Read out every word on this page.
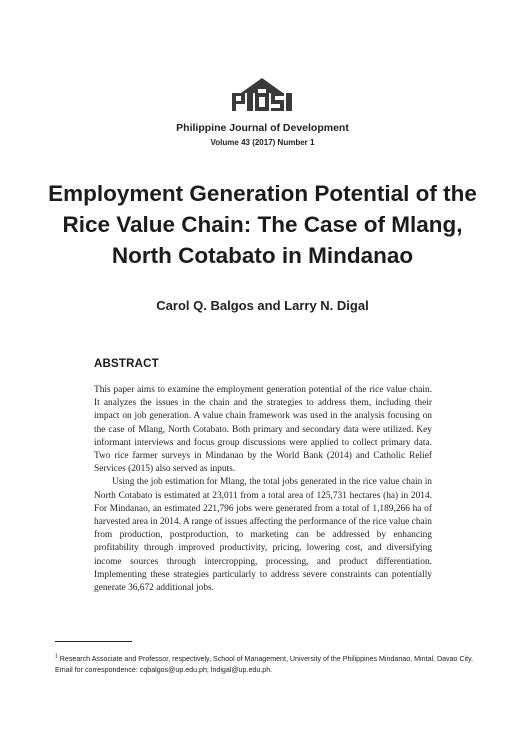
Philippine Journal of Development
Volume 43 (2017) Number 1
Employment Generation Potential of the Rice Value Chain: The Case of Mlang, North Cotabato in Mindanao
Carol Q. Balgos and Larry N. Digal
ABSTRACT

This paper aims to examine the employment generation potential of the rice value chain. It analyzes the issues in the chain and the strategies to address them, including their impact on job generation. A value chain framework was used in the analysis focusing on the case of Mlang, North Cotabato. Both primary and secondary data were utilized. Key informant interviews and focus group discussions were applied to collect primary data. Two rice farmer surveys in Mindanao by the World Bank (2014) and Catholic Relief Services (2015) also served as inputs.

Using the job estimation for Mlang, the total jobs generated in the rice value chain in North Cotabato is estimated at 23,011 from a total area of 125,731 hectares (ha) in 2014. For Mindanao, an estimated 221,796 jobs were generated from a total of 1,189,266 ha of harvested area in 2014. A range of issues affecting the performance of the rice value chain from production, postproduction, to marketing can be addressed by enhancing profitability through improved productivity, pricing, lowering cost, and diversifying income sources through intercropping, processing, and product differentiation. Implementing these strategies particularly to address severe constraints can potentially generate 36,672 additional jobs.

$^1$ Research Associate and Professor, respectively, School of Management, University of the Philippines Mindanao, Mintal, Davao City. Email for correspondence: cqbalgos@up.edu.ph; lndigal@up.edu.ph.
